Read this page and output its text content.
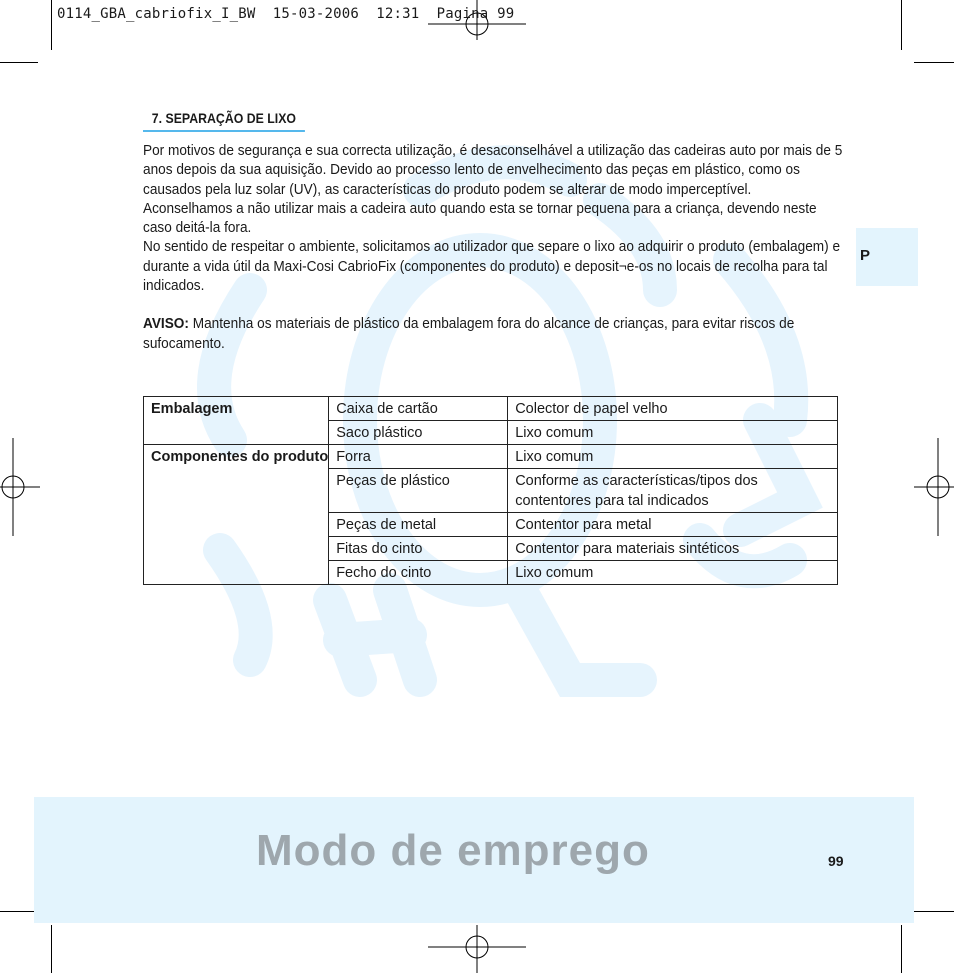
0114_GBA_cabriofix_I_BW  15-03-2006  12:31  Pagina 99
7. SEPARAÇÃO DE LIXO

Por motivos de segurança e sua correcta utilização, é desaconselhável a utilização das cadeiras auto por mais de 5 anos depois da sua aquisição. Devido ao processo lento de envelhecimento das peças em plástico, como os causados pela luz solar (UV), as características do produto podem se alterar de modo imperceptível.

Aconselhamos a não utilizar mais a cadeira auto quando esta se tornar pequena para a criança, devendo neste caso deitá-la fora.

No sentido de respeitar o ambiente, solicitamos ao utilizador que separe o lixo ao adquirir o produto (embalagem) e durante a vida útil da Maxi-Cosi CabrioFix (componentes do produto) e deposit¬e-os no locais de recolha para tal indicados.

AVISO: Mantenha os materiais de plástico da embalagem fora do alcance de crianças, para evitar riscos de sufocamento.

Embalagem	Caixa de cartão	Colector de papel velho
	Saco plástico	Lixo comum
Componentes do produto	Forra	Lixo comum
	Peças de plástico	Conforme as características/tipos dos contentores para tal indicados
	Peças de metal	Contentor para metal
	Fitas do cinto	Contentor para materiais sintéticos
	Fecho do cinto	Lixo comum
P
Modo de emprego	99
